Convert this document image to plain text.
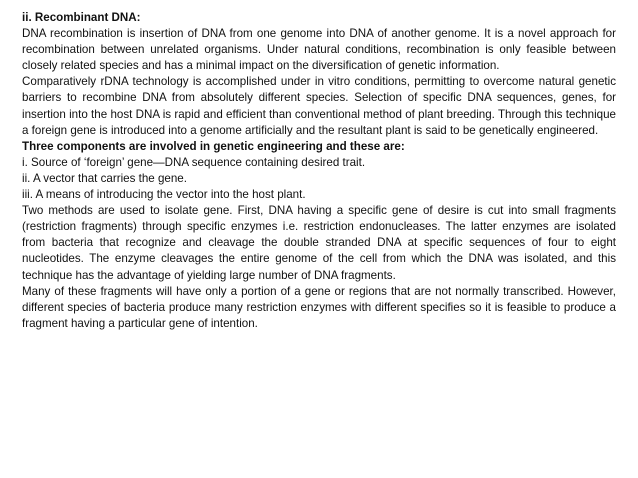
ii. Recombinant DNA:

DNA recombination is insertion of DNA from one genome into DNA of another genome. It is a novel approach for recombination between unrelated organisms. Under natural conditions, recombination is only feasible between closely related species and has a minimal impact on the diversification of genetic information.

Comparatively rDNA technology is accomplished under in vitro conditions, permitting to overcome natural genetic barriers to recombine DNA from absolutely different species. Selection of specific DNA sequences, genes, for insertion into the host DNA is rapid and efficient than conventional method of plant breeding. Through this technique a foreign gene is introduced into a genome artificially and the resultant plant is said to be genetically engineered.

Three components are involved in genetic engineering and these are:

i. Source of ‘foreign’ gene—DNA sequence containing desired trait.

ii. A vector that carries the gene.

iii. A means of introducing the vector into the host plant.

Two methods are used to isolate gene. First, DNA having a specific gene of desire is cut into small fragments (restriction fragments) through specific enzymes i.e. restriction endonucleases. The latter enzymes are isolated from bacteria that recognize and cleavage the double stranded DNA at specific sequences of four to eight nucleotides. The enzyme cleavages the entire genome of the cell from which the DNA was isolated, and this technique has the advantage of yielding large number of DNA fragments.

Many of these fragments will have only a portion of a gene or regions that are not normally transcribed. However, different species of bacteria produce many restriction enzymes with different specifies so it is feasible to produce a fragment having a particular gene of intention.
